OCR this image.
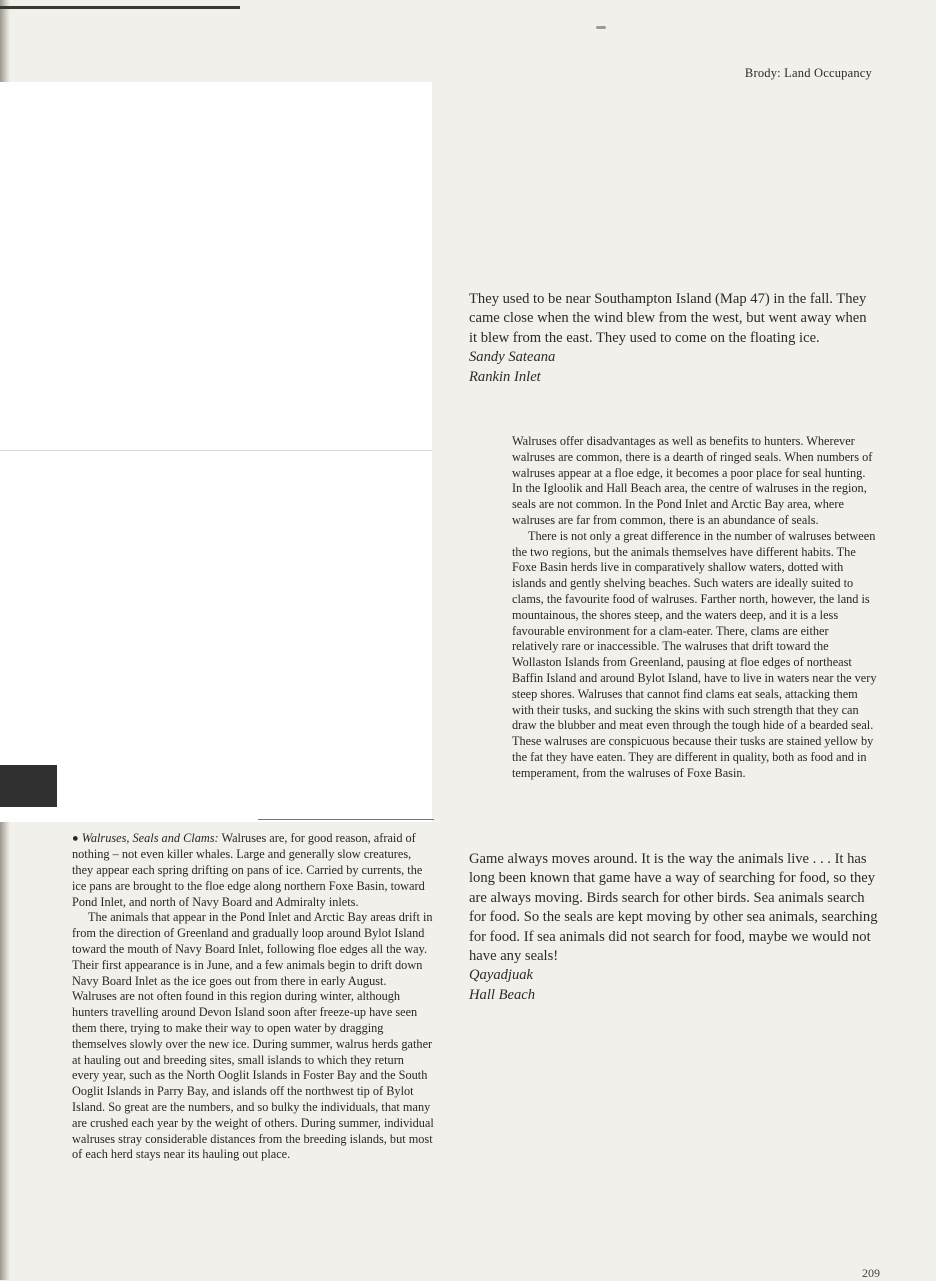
Brody: Land Occupancy

They used to be near Southampton Island (Map 47) in the fall. They came close when the wind blew from the west, but went away when it blew from the east. They used to come on the floating ice.

Sandy Sateana

Rankin Inlet

Walruses offer disadvantages as well as benefits to hunters. Wherever walruses are common, there is a dearth of ringed seals. When numbers of walruses appear at a floe edge, it becomes a poor place for seal hunting. In the Igloolik and Hall Beach area, the centre of walruses in the region, seals are not common. In the Pond Inlet and Arctic Bay area, where walruses are far from common, there is an abundance of seals.

There is not only a great difference in the number of walruses between the two regions, but the animals themselves have different habits. The Foxe Basin herds live in comparatively shallow waters, dotted with islands and gently shelving beaches. Such waters are ideally suited to clams, the favourite food of walruses. Farther north, however, the land is mountainous, the shores steep, and the waters deep, and it is a less favourable environment for a clam-eater. There, clams are either relatively rare or inaccessible. The walruses that drift toward the Wollaston Islands from Greenland, pausing at floe edges of northeast Baffin Island and around Bylot Island, have to live in waters near the very steep shores. Walruses that cannot find clams eat seals, attacking them with their tusks, and sucking the skins with such strength that they can draw the blubber and meat even through the tough hide of a bearded seal. These walruses are conspicuous because their tusks are stained yellow by the fat they have eaten. They are different in quality, both as food and in temperament, from the walruses of Foxe Basin.

Game always moves around. It is the way the animals live . . . It has long been known that game have a way of searching for food, so they are always moving. Birds search for other birds. Sea animals search for food. So the seals are kept moving by other sea animals, searching for food. If sea animals did not search for food, maybe we would not have any seals!

Qayadjuak

Hall Beach

● Walruses, Seals and Clams: Walruses are, for good reason, afraid of nothing – not even killer whales. Large and generally slow creatures, they appear each spring drifting on pans of ice. Carried by currents, the ice pans are brought to the floe edge along northern Foxe Basin, toward Pond Inlet, and north of Navy Board and Admiralty inlets.

The animals that appear in the Pond Inlet and Arctic Bay areas drift in from the direction of Greenland and gradually loop around Bylot Island toward the mouth of Navy Board Inlet, following floe edges all the way. Their first appearance is in June, and a few animals begin to drift down Navy Board Inlet as the ice goes out from there in early August. Walruses are not often found in this region during winter, although hunters travelling around Devon Island soon after freeze-up have seen them there, trying to make their way to open water by dragging themselves slowly over the new ice. During summer, walrus herds gather at hauling out and breeding sites, small islands to which they return every year, such as the North Ooglit Islands in Foster Bay and the South Ooglit Islands in Parry Bay, and islands off the northwest tip of Bylot Island. So great are the numbers, and so bulky the individuals, that many are crushed each year by the weight of others. During summer, individual walruses stray considerable distances from the breeding islands, but most of each herd stays near its hauling out place.

209
